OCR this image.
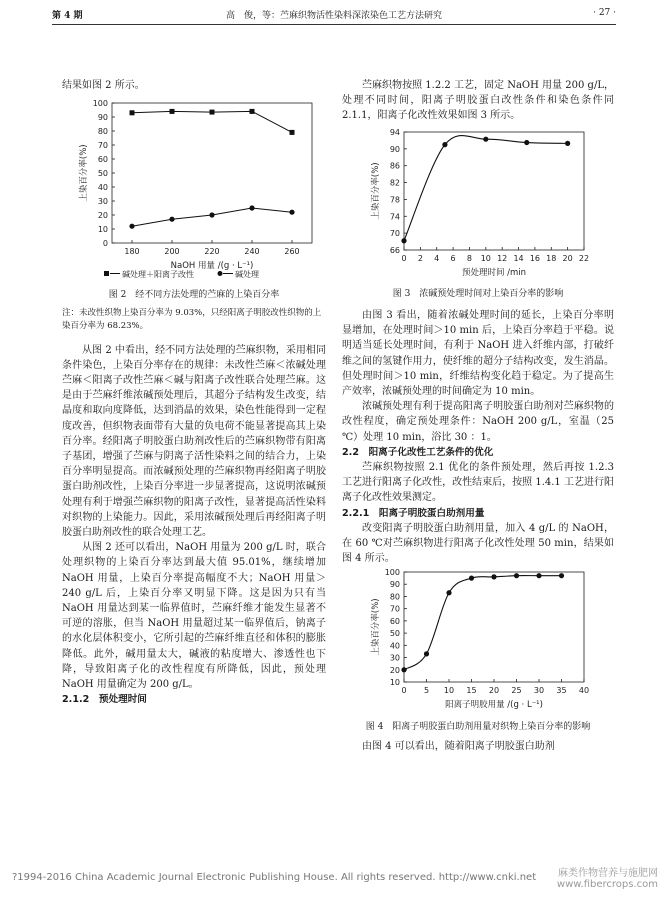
第 4 期	高　俊，等：苎麻织物活性染料深浓染色工艺方法研究	· 27 ·

结果如图 2 所示。

0
10
20
30
40
50
60
70
80
90
100
180	200	220	240	260
上染百分率(%)
NaOH 用量 /(g · L⁻¹)
碱处理＋阳离子改性	碱处理

图 2　经不同方法处理的苎麻的上染百分率

注：未改性织物上染百分率为 9.03%，只经阳离子明胶改性织物的上染百分率为 68.23%。

从图 2 中看出，经不同方法处理的苎麻织物，采用相同条件染色，上染百分率存在的规律：未改性苎麻＜浓碱处理苎麻＜阳离子改性苎麻＜碱与阳离子改性联合处理苎麻。这是由于苎麻纤维浓碱预处理后，其超分子结构发生改变，结晶度和取向度降低，达到消晶的效果，染色性能得到一定程度改善，但织物表面带有大量的负电荷不能显著提高其上染百分率。经阳离子明胶蛋白助剂改性后的苎麻织物带有阳离子基团，增强了苎麻与阴离子活性染料之间的结合力，上染百分率明显提高。而浓碱预处理的苎麻织物再经阳离子明胶蛋白助剂改性，上染百分率进一步显著提高，这说明浓碱预处理有利于增强苎麻织物的阳离子改性，显著提高活性染料对织物的上染能力。因此，采用浓碱预处理后再经阳离子明胶蛋白助剂改性的联合处理工艺。

从图 2 还可以看出，NaOH 用量为 200 g/L 时，联合处理织物的上染百分率达到最大值 95.01%，继续增加 NaOH 用量，上染百分率提高幅度不大；NaOH 用量＞240 g/L 后，上染百分率又明显下降。这是因为只有当 NaOH 用量达到某一临界值时，苎麻纤维才能发生显著不可逆的溶胀，但当 NaOH 用量超过某一临界值后，钠离子的水化层体积变小，它所引起的苎麻纤维直径和体积的膨胀降低。此外，碱用量太大，碱液的粘度增大、渗透性也下降，导致阳离子化的改性程度有所降低，因此，预处理 NaOH 用量确定为 200 g/L。

2.1.2　预处理时间

苎麻织物按照 1.2.2 工艺，固定 NaOH 用量 200 g/L，处理不同时间，阳离子明胶蛋白改性条件和染色条件同 2.1.1，阳离子化改性效果如图 3 所示。

66
70
74
78
82
86
90
94
0 2 4 6 8 10 12 14 16 18 20 22
上染百分率(%)
预处理时间 /min

图 3　浓碱预处理时间对上染百分率的影响

由图 3 看出，随着浓碱处理时间的延长，上染百分率明显增加，在处理时间＞10 min 后，上染百分率趋于平稳。说明适当延长处理时间，有利于 NaOH 进入纤维内部，打破纤维之间的氢键作用力，使纤维的超分子结构改变，发生消晶。但处理时间＞10 min，纤维结构变化趋于稳定。为了提高生产效率，浓碱预处理的时间确定为 10 min。

浓碱预处理有利于提高阳离子明胶蛋白助剂对苎麻织物的改性程度，确定预处理条件：NaOH 200 g/L，室温（25 ℃）处理 10 min，浴比 30 ：1。

2.2　阳离子化改性工艺条件的优化

苎麻织物按照 2.1 优化的条件预处理，然后再按 1.2.3 工艺进行阳离子化改性，改性结束后，按照 1.4.1 工艺进行阳离子化改性效果测定。

2.2.1　阳离子明胶蛋白助剂用量

改变阳离子明胶蛋白助剂用量，加入 4 g/L 的 NaOH，在 60 ℃对苎麻织物进行阳离子化改性处理 50 min，结果如图 4 所示。

10
20
30
40
50
60
70
80
90
100
0 5 10 15 20 25 30 35 40
上染百分率(%)
阳离子明胶用量 /(g · L⁻¹)

图 4　阳离子明胶蛋白助剂用量对织物上染百分率的影响

由图 4 可以看出，随着阳离子明胶蛋白助剂

?1994-2016 China Academic Journal Electronic Publishing House. All rights reserved. http://www.cnki.net 麻类作物营养与施肥网
www.fibercrops.com
